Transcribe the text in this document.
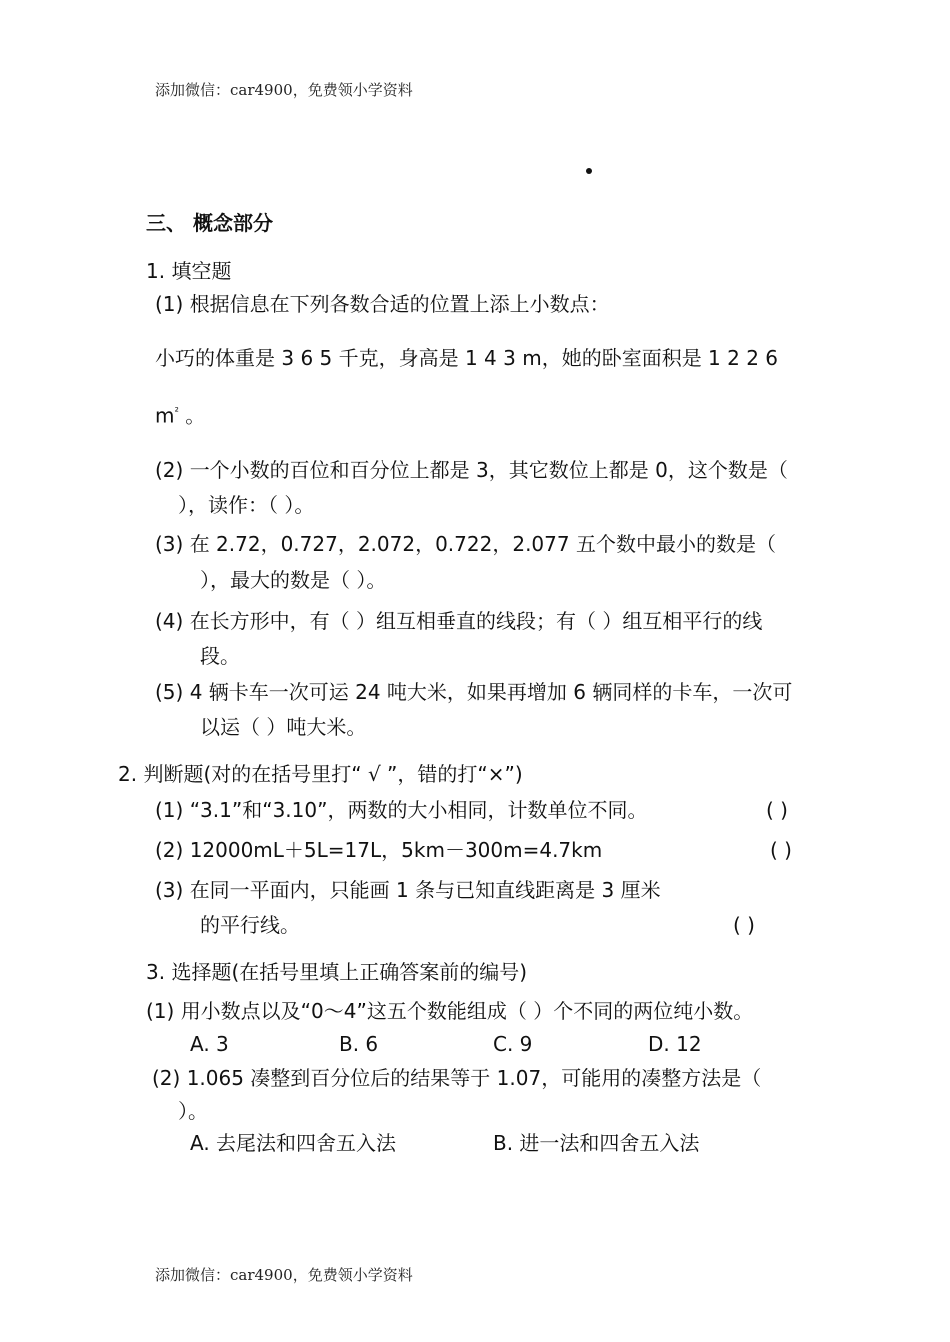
添加微信：car4900，免费领小学资料
三、 概念部分
1. 填空题
(1) 根据信息在下列各数合适的位置上添上小数点：
小巧的体重是 3 6 5 千克，身高是 1 4 3 m，她的卧室面积是 1 2 2 6
$m^{^2}$ 。
(2) 一个小数的百位和百分位上都是 3，其它数位上都是 0，这个数是（
），读作：（ ）。
(3) 在 2.72，0.727，2.072，0.722，2.077 五个数中最小的数是（
），最大的数是（ ）。
(4) 在长方形中，有（ ）组互相垂直的线段；有（ ）组互相平行的线
段。
(5) 4 辆卡车一次可运 24 吨大米，如果再增加 6 辆同样的卡车，一次可
以运（ ）吨大米。
2. 判断题(对的在括号里打“ √ ”，错的打“×”)
(1) “3.1”和“3.10”，两数的大小相同，计数单位不同。	( )
(2) 12000mL＋5L=17L，5km－300m=4.7km	( )
(3) 在同一平面内，只能画 1 条与已知直线距离是 3 厘米
的平行线。	( )
3. 选择题(在括号里填上正确答案前的编号)
(1) 用小数点以及“0～4”这五个数能组成（ ）个不同的两位纯小数。
A. 3	B. 6	C. 9	D. 12
(2) 1.065 凑整到百分位后的结果等于 1.07，可能用的凑整方法是（
）。
A. 去尾法和四舍五入法	B. 进一法和四舍五入法
添加微信：car4900，免费领小学资料
